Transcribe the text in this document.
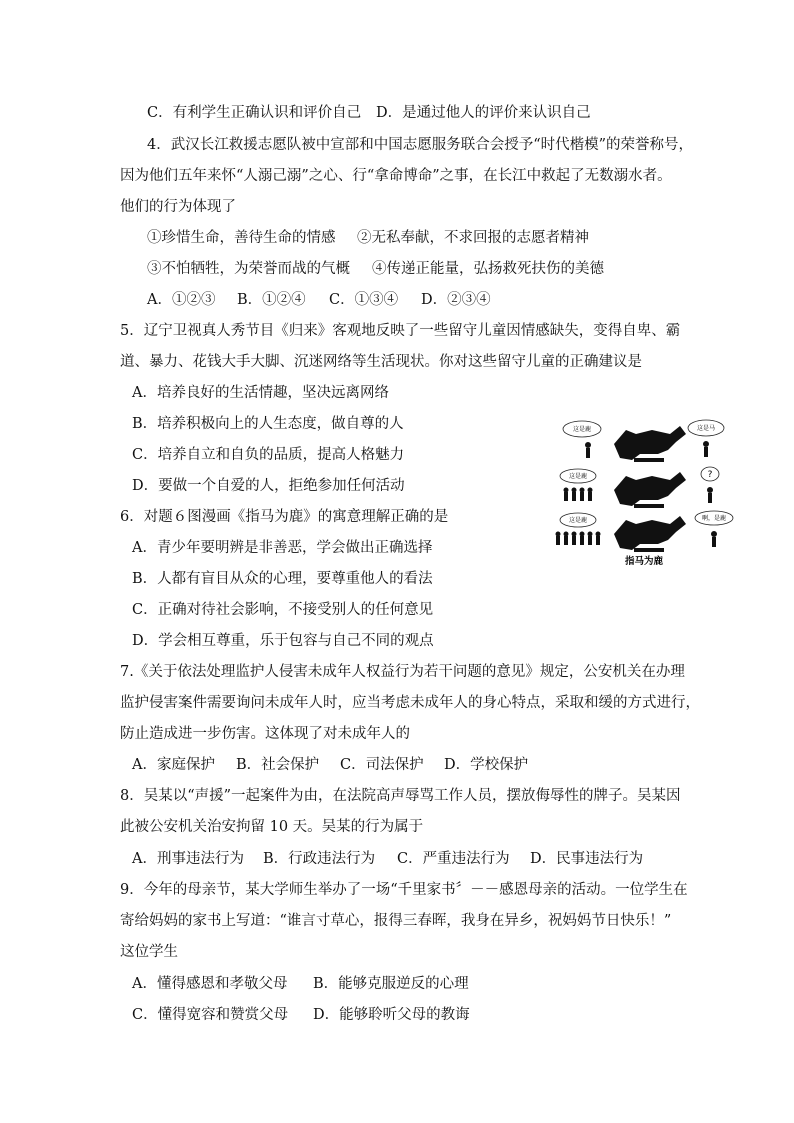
C．有利学生正确认识和评价自己 D．是通过他人的评价来认识自己
4．武汉长江救援志愿队被中宣部和中国志愿服务联合会授予“时代楷模”的荣誉称号，
因为他们五年来怀“人溺己溺”之心、行“拿命博命”之事，在长江中救起了无数溺水者。
他们的行为体现了
①珍惜生命，善待生命的情感 ②无私奉献，不求回报的志愿者精神
③不怕牺牲，为荣誉而战的气概 ④传递正能量，弘扬救死扶伤的美德
A．①②③ B．①②④ C．①③④ D．②③④
5．辽宁卫视真人秀节目《归来》客观地反映了一些留守儿童因情感缺失，变得自卑、霸
道、暴力、花钱大手大脚、沉迷网络等生活现状。你对这些留守儿童的正确建议是
A．培养良好的生活情趣，坚决远离网络
B．培养积极向上的人生态度，做自尊的人
C．培养自立和自负的品质，提高人格魅力
D．要做一个自爱的人，拒绝参加任何活动
6．对题６图漫画《指马为鹿》的寓意理解正确的是
A．青少年要明辨是非善恶，学会做出正确选择
B．人都有盲目从众的心理，要尊重他人的看法
C．正确对待社会影响，不接受别人的任何意见
D．学会相互尊重，乐于包容与自己不同的观点
这是鹿	这是马
这是鹿	?
这是鹿	啊，是鹿
指马为鹿
7.《关于依法处理监护人侵害未成年人权益行为若干问题的意见》规定，公安机关在办理
监护侵害案件需要询问未成年人时，应当考虑未成年人的身心特点，采取和缓的方式进行，
防止造成进一步伤害。这体现了对未成年人的
A．家庭保护 B．社会保护 C．司法保护 D．学校保护
8．吴某以“声援”一起案件为由，在法院高声辱骂工作人员，摆放侮辱性的牌子。吴某因
此被公安机关治安拘留 10 天。吴某的行为属于
A．刑事违法行为 B．行政违法行为 C．严重违法行为 D．民事违法行为
9．今年的母亲节，某大学师生举办了一场“千里家书〞－－感恩母亲的活动。一位学生在
寄给妈妈的家书上写道：“谁言寸草心，报得三春晖，我身在异乡，祝妈妈节日快乐！”
这位学生
A．懂得感恩和孝敬父母 B．能够克服逆反的心理
C．懂得宽容和赞赏父母 D．能够聆听父母的教诲
